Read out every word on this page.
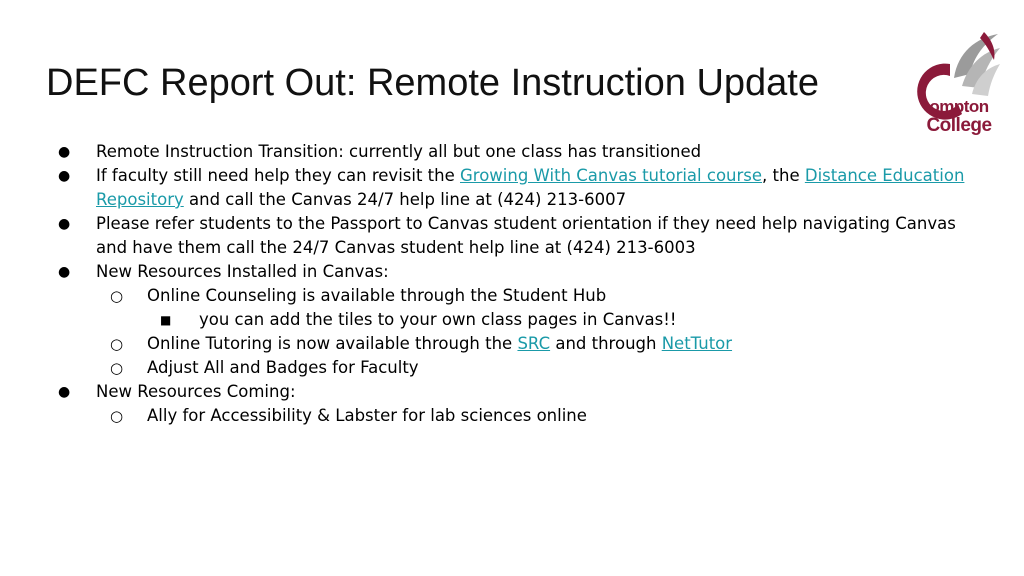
DEFC Report Out: Remote Instruction Update
ompton
College
● Remote Instruction Transition: currently all but one class has transitioned
● If faculty still need help they can revisit the Growing With Canvas tutorial course, the Distance Education Repository and call the Canvas 24/7 help line at (424) 213-6007
● Please refer students to the Passport to Canvas student orientation if they need help navigating Canvas and have them call the 24/7 Canvas student help line at (424) 213-6003
● New Resources Installed in Canvas:
○ Online Counseling is available through the Student Hub
■ you can add the tiles to your own class pages in Canvas!!
○ Online Tutoring is now available through the SRC and through NetTutor
○ Adjust All and Badges for Faculty
● New Resources Coming:
○ Ally for Accessibility & Labster for lab sciences online
